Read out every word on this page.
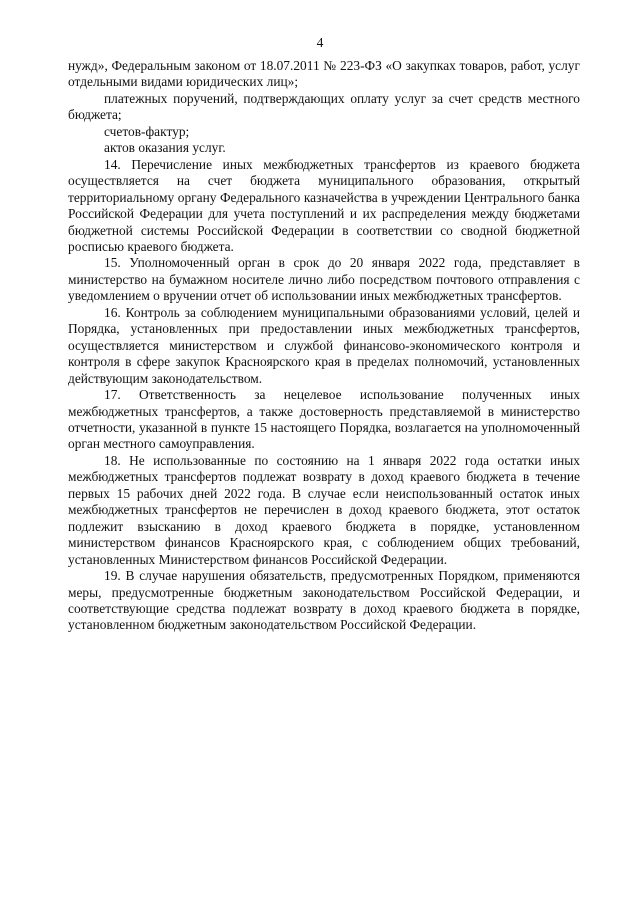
4

нужд», Федеральным законом от 18.07.2011 № 223-ФЗ «О закупках товаров, работ, услуг отдельными видами юридических лиц»;

платежных поручений, подтверждающих оплату услуг за счет средств местного бюджета;

счетов-фактур;

актов оказания услуг.

14. Перечисление иных межбюджетных трансфертов из краевого бюджета осуществляется на счет бюджета муниципального образования, открытый территориальному органу Федерального казначейства в учреждении Центрального банка Российской Федерации для учета поступлений и их распределения между бюджетами бюджетной системы Российской Федерации в соответствии со сводной бюджетной росписью краевого бюджета.

15. Уполномоченный орган в срок до 20 января 2022 года, представляет в министерство на бумажном носителе лично либо посредством почтового отправления с уведомлением о вручении отчет об использовании иных межбюджетных трансфертов.

16. Контроль за соблюдением муниципальными образованиями условий, целей и Порядка, установленных при предоставлении иных межбюджетных трансфертов, осуществляется министерством и службой финансово-экономического контроля и контроля в сфере закупок Красноярского края в пределах полномочий, установленных действующим законодательством.

17. Ответственность за нецелевое использование полученных иных межбюджетных трансфертов, а также достоверность представляемой в министерство отчетности, указанной в пункте 15 настоящего Порядка, возлагается на уполномоченный орган местного самоуправления.

18. Не использованные по состоянию на 1 января 2022 года остатки иных межбюджетных трансфертов подлежат возврату в доход краевого бюджета в течение первых 15 рабочих дней 2022 года. В случае если неиспользованный остаток иных межбюджетных трансфертов не перечислен в доход краевого бюджета, этот остаток подлежит взысканию в доход краевого бюджета в порядке, установленном министерством финансов Красноярского края, с соблюдением общих требований, установленных Министерством финансов Российской Федерации.

19. В случае нарушения обязательств, предусмотренных Порядком, применяются меры, предусмотренные бюджетным законодательством Российской Федерации, и соответствующие средства подлежат возврату в доход краевого бюджета в порядке, установленном бюджетным законодательством Российской Федерации.
